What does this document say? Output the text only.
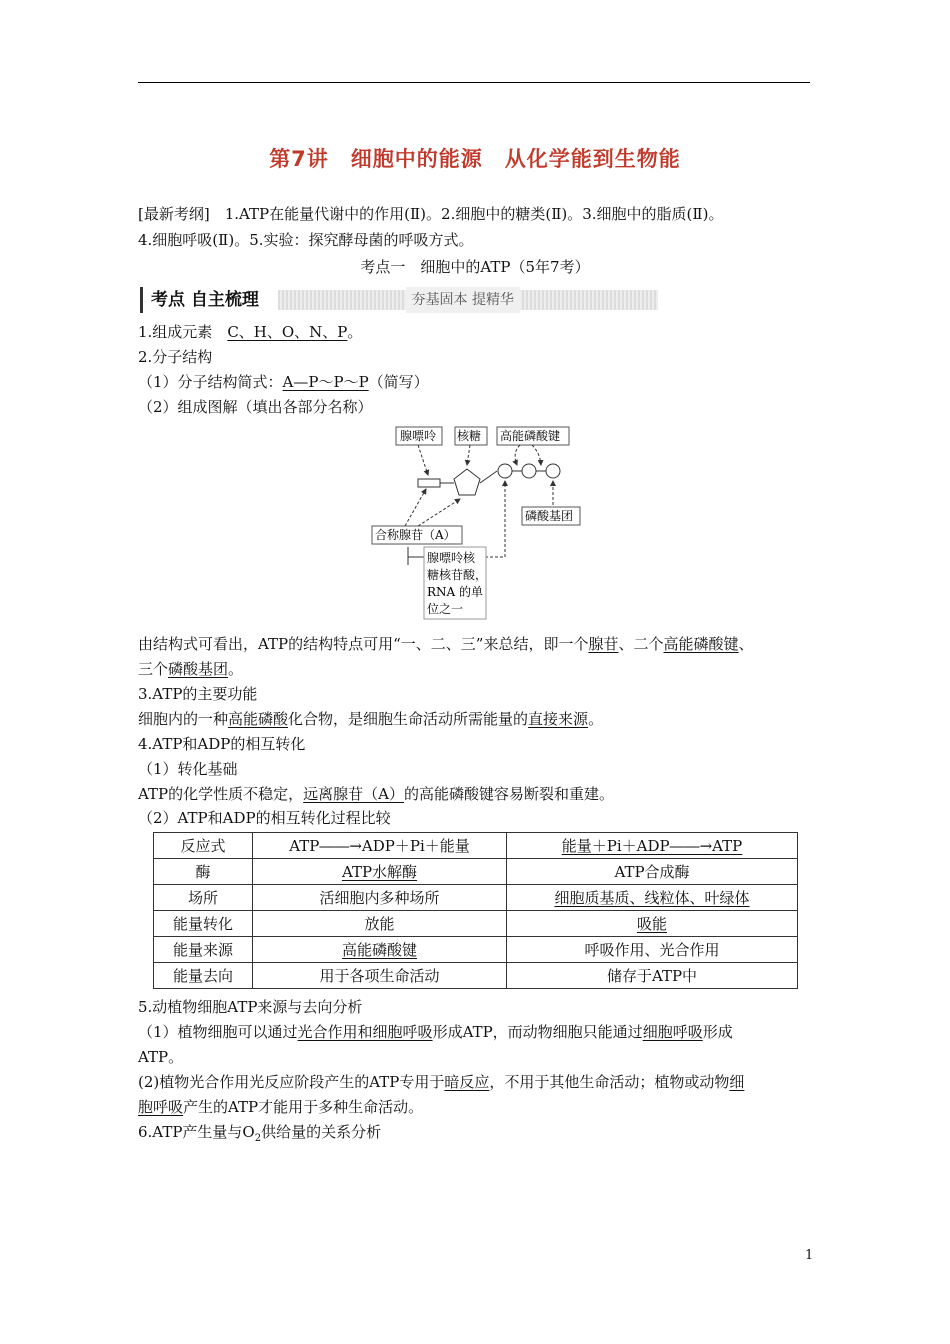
第7讲　细胞中的能源　从化学能到生物能
[最新考纲]　1.ATP在能量代谢中的作用(Ⅱ)。2.细胞中的糖类(Ⅱ)。3.细胞中的脂质(Ⅱ)。
4.细胞呼吸(Ⅱ)。5.实验：探究酵母菌的呼吸方式。
考点一　细胞中的ATP（5年7考）
考点 自主梳理	夯基固本 提精华
1.组成元素　C、H、O、N、P。
2.分子结构
（1）分子结构简式：A—P～P～P（简写）
（2）组成图解（填出各部分名称）
腺嘌呤 核糖 高能磷酸键
磷酸基团
合称腺苷（A）
腺嘌呤核
糖核苷酸，
RNA 的单
位之一
由结构式可看出，ATP的结构特点可用“一、二、三”来总结，即一个腺苷、二个高能磷酸键、
三个磷酸基团。
3.ATP的主要功能
细胞内的一种高能磷酸化合物，是细胞生命活动所需能量的直接来源。
4.ATP和ADP的相互转化
（1）转化基础
ATP的化学性质不稳定，远离腺苷（A）的高能磷酸键容易断裂和重建。
（2）ATP和ADP的相互转化过程比较
反应式	ATP――→ADP＋Pi＋能量	能量＋Pi＋ADP――→ATP
酶	ATP水解酶	ATP合成酶
场所	活细胞内多种场所	细胞质基质、线粒体、叶绿体
能量转化	放能	吸能
能量来源	高能磷酸键	呼吸作用、光合作用
能量去向	用于各项生命活动	储存于ATP中
5.动植物细胞ATP来源与去向分析
（1）植物细胞可以通过光合作用和细胞呼吸形成ATP，而动物细胞只能通过细胞呼吸形成
ATP。
(2)植物光合作用光反应阶段产生的ATP专用于暗反应，不用于其他生命活动；植物或动物细
胞呼吸产生的ATP才能用于多种生命活动。
6.ATP产生量与$O_2$供给量的关系分析
1
